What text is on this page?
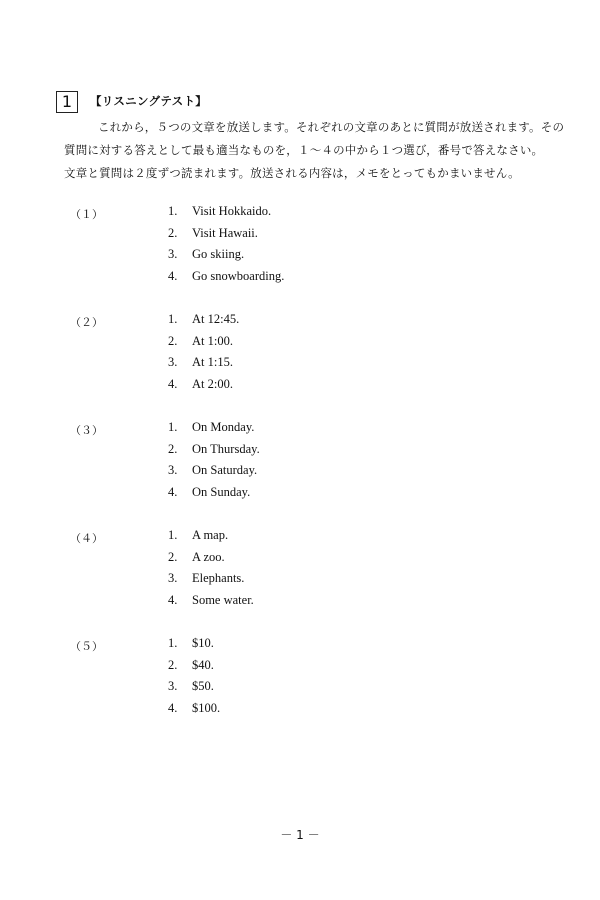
1	【リスニングテスト】
これから，５つの文章を放送します。それぞれの文章のあとに質問が放送されます。その
質問に対する答えとして最も適当なものを，１～４の中から１つ選び，番号で答えなさい。
文章と質問は２度ずつ読まれます。放送される内容は，メモをとってもかまいません。
（１）	1. Visit Hokkaido.
2. Visit Hawaii.
3. Go skiing.
4. Go snowboarding.
（２）	1. At 12:45.
2. At 1:00.
3. At 1:15.
4. At 2:00.
（３）	1. On Monday.
2. On Thursday.
3. On Saturday.
4. On Sunday.
（４）	1. A map.
2. A zoo.
3. Elephants.
4. Some water.
（５）	1. $10.
2. $40.
3. $50.
4. $100.
－ 1 －
